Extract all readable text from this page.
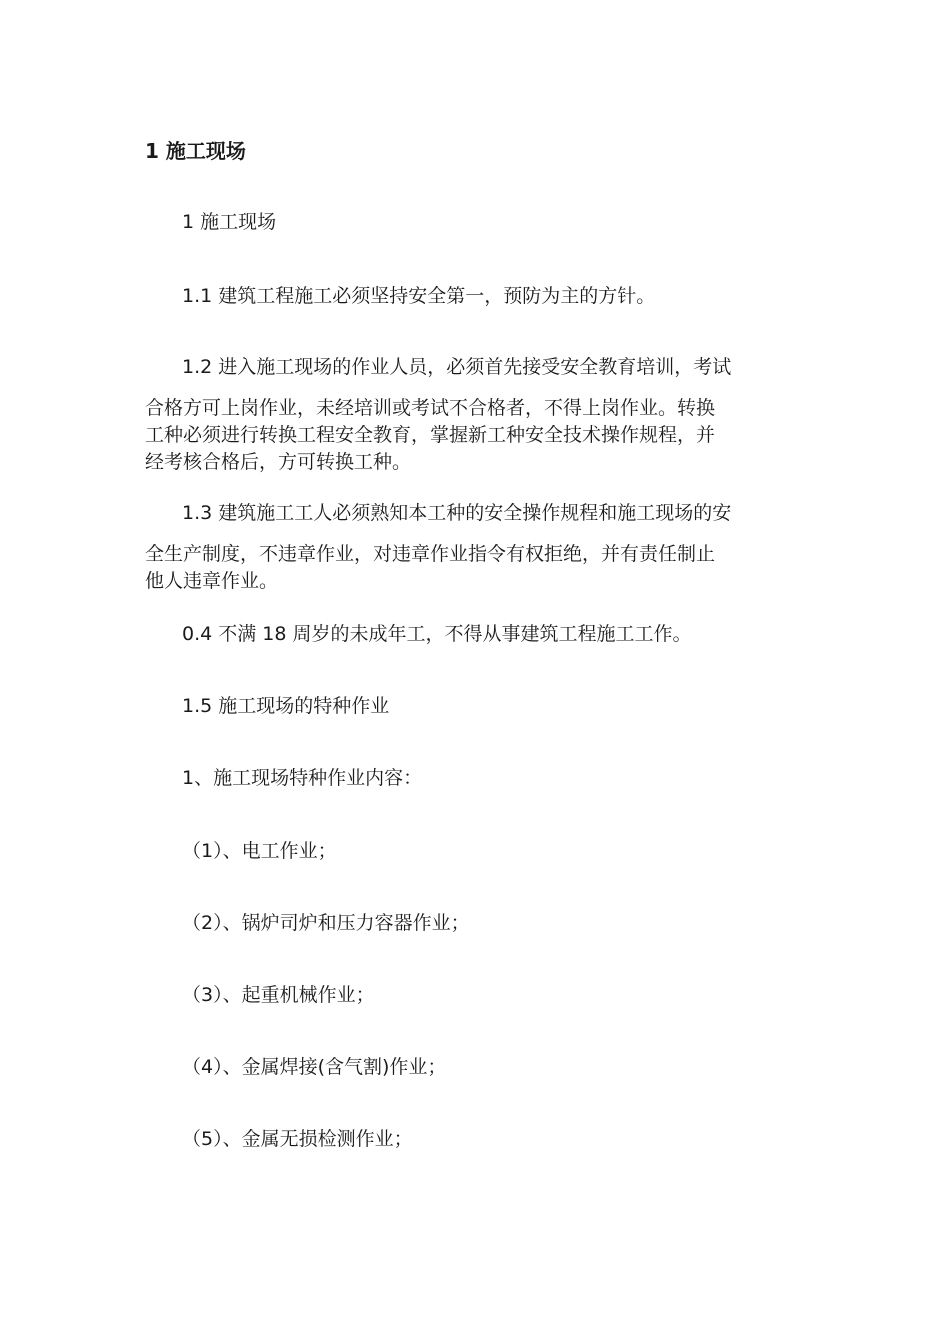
1 施工现场
1 施工现场
1.1 建筑工程施工必须坚持安全第一，预防为主的方针。
1.2 进入施工现场的作业人员，必须首先接受安全教育培训，考试
合格方可上岗作业，未经培训或考试不合格者，不得上岗作业。转换
工种必须进行转换工程安全教育，掌握新工种安全技术操作规程，并
经考核合格后，方可转换工种。
1.3 建筑施工工人必须熟知本工种的安全操作规程和施工现场的安
全生产制度，不违章作业，对违章作业指令有权拒绝，并有责任制止
他人违章作业。
0.4 不满 18 周岁的未成年工，不得从事建筑工程施工工作。
1.5 施工现场的特种作业
1、施工现场特种作业内容：
（1）、电工作业；
（2）、锅炉司炉和压力容器作业；
（3）、起重机械作业；
（4）、金属焊接(含气割)作业；
（5）、金属无损检测作业；
